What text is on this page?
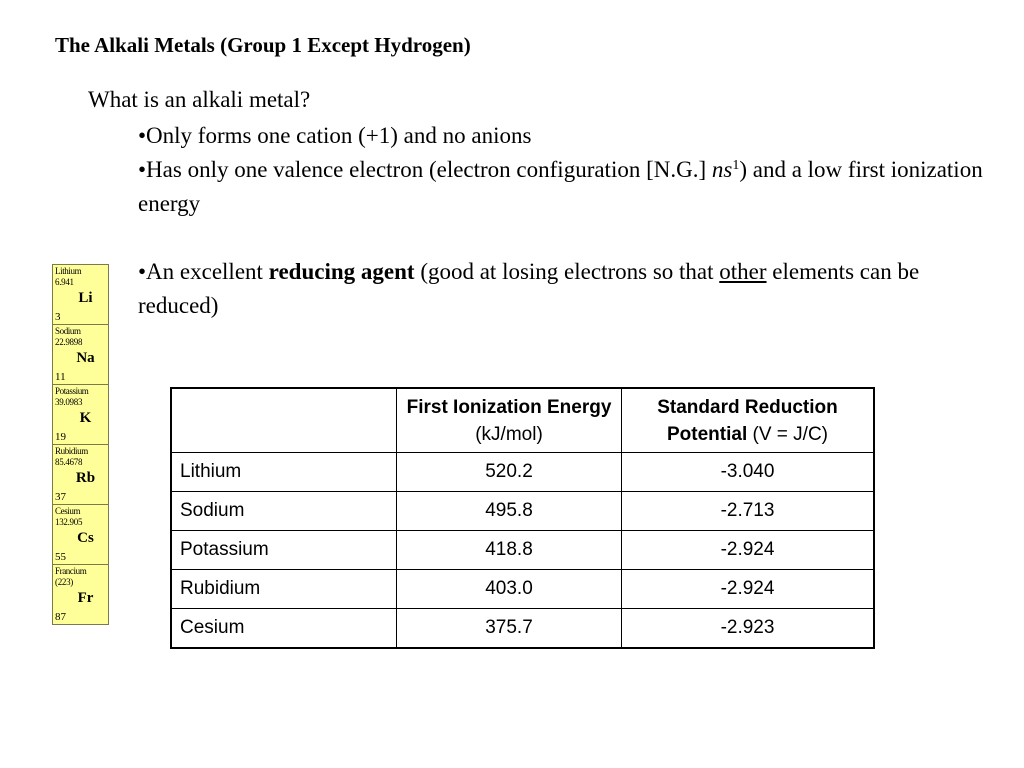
The Alkali Metals (Group 1 Except Hydrogen)
What is an alkali metal?

•Only forms one cation (+1) and no anions

•Has only one valence electron (electron configuration [N.G.] $ns^1$) and a low first ionization energy

•An excellent reducing agent (good at losing electrons so that other elements can be reduced)

Lithium
6.941
Li
3
Sodium
22.9898
Na
11
Potassium
39.0983
K
19
Rubidium
85.4678
Rb
37
Cesium
132.905
Cs
55
Francium
(223)
Fr
87
	First Ionization Energy (kJ/mol)	Standard Reduction Potential (V = J/C)
Lithium	520.2	-3.040
Sodium	495.8	-2.713
Potassium	418.8	-2.924
Rubidium	403.0	-2.924
Cesium	375.7	-2.923
